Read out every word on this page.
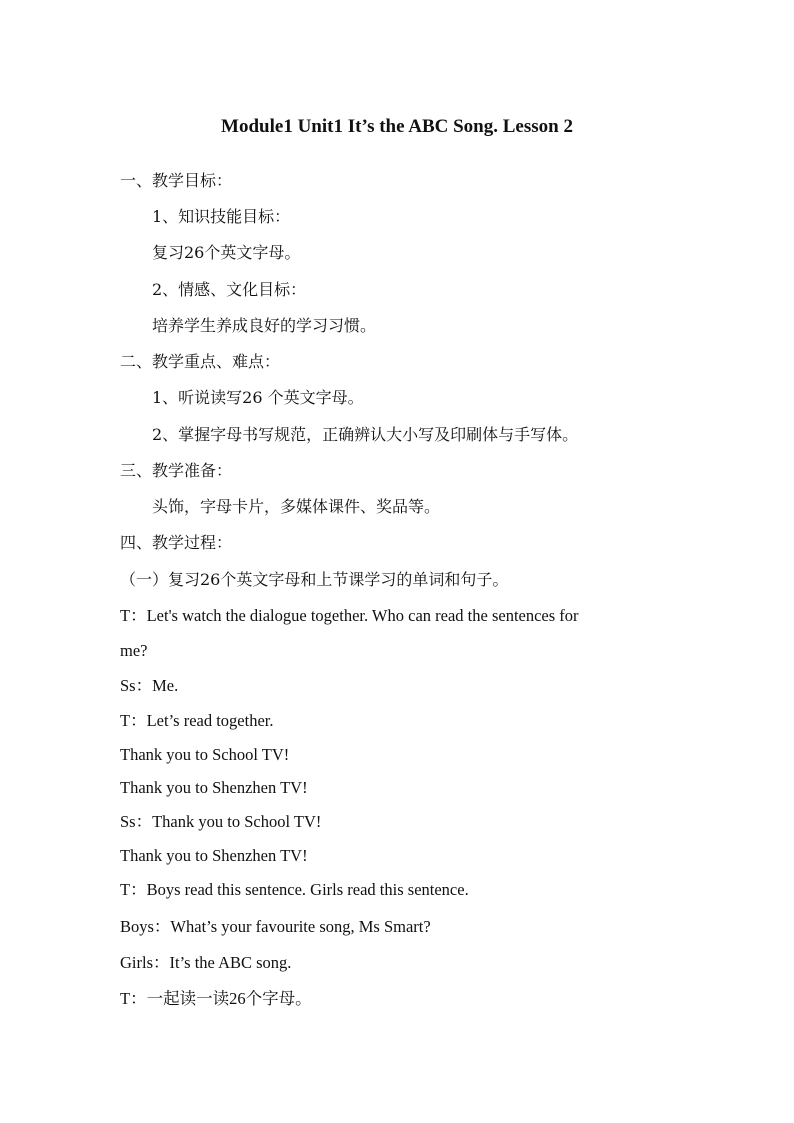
Module1 Unit1 It’s the ABC Song. Lesson 2
一、教学目标：
1、知识技能目标：
复习26个英文字母。
2、情感、文化目标：
培养学生养成良好的学习习惯。
二、教学重点、难点：
1、听说读写26 个英文字母。
2、掌握字母书写规范，正确辨认大小写及印刷体与手写体。
三、教学准备：
头饰，字母卡片，多媒体课件、奖品等。
四、教学过程：
（一）复习26个英文字母和上节课学习的单词和句子。
T：Let's watch the dialogue together. Who can read the sentences for
me?
Ss：Me.
T：Let’s read together.
Thank you to School TV!
Thank you to Shenzhen TV!
Ss：Thank you to School TV!
Thank you to Shenzhen TV!
T：Boys read this sentence. Girls read this sentence.
Boys：What’s your favourite song, Ms Smart?
Girls：It’s the ABC song.
T：一起读一读26个字母。
